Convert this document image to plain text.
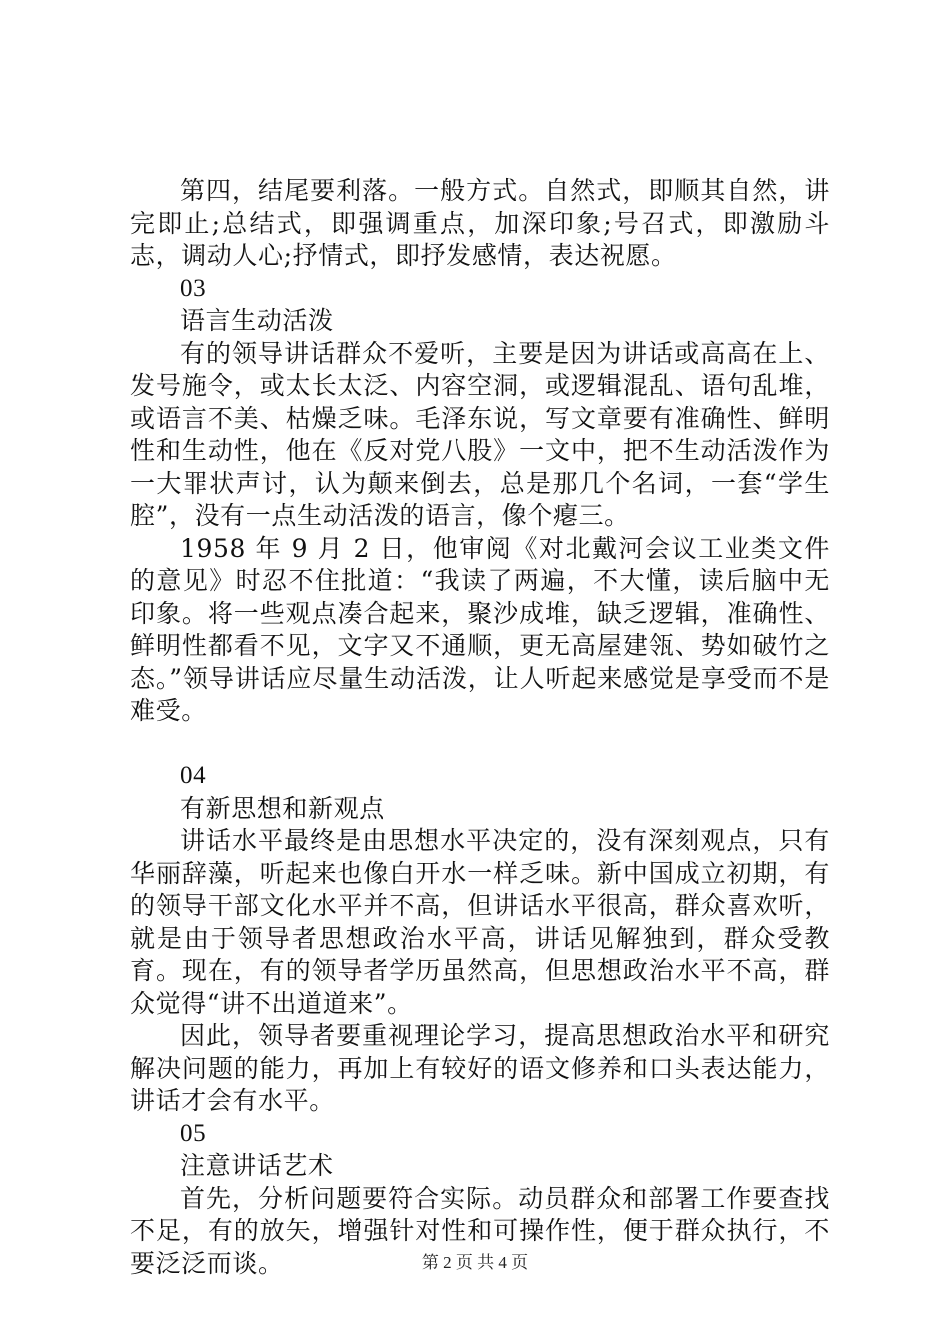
第四，结尾要利落。一般方式。自然式，即顺其自然，讲完即止;总结式，即强调重点，加深印象;号召式，即激励斗志，调动人心;抒情式，即抒发感情，表达祝愿。

03

语言生动活泼

有的领导讲话群众不爱听，主要是因为讲话或高高在上、发号施令，或太长太泛、内容空洞，或逻辑混乱、语句乱堆，或语言不美、枯燥乏味。毛泽东说，写文章要有准确性、鲜明性和生动性，他在《反对党八股》一文中，把不生动活泼作为一大罪状声讨，认为颠来倒去，总是那几个名词，一套“学生腔”，没有一点生动活泼的语言，像个瘪三。

1958 年 9 月 2 日，他审阅《对北戴河会议工业类文件的意见》时忍不住批道：“我读了两遍，不大懂，读后脑中无印象。将一些观点凑合起来，聚沙成堆，缺乏逻辑，准确性、鲜明性都看不见，文字又不通顺，更无高屋建瓴、势如破竹之态。”领导讲话应尽量生动活泼，让人听起来感觉是享受而不是难受。

04

有新思想和新观点

讲话水平最终是由思想水平决定的，没有深刻观点，只有华丽辞藻，听起来也像白开水一样乏味。新中国成立初期，有的领导干部文化水平并不高，但讲话水平很高，群众喜欢听，就是由于领导者思想政治水平高，讲话见解独到，群众受教育。现在，有的领导者学历虽然高，但思想政治水平不高，群众觉得“讲不出道道来”。

因此，领导者要重视理论学习，提高思想政治水平和研究解决问题的能力，再加上有较好的语文修养和口头表达能力，讲话才会有水平。

05

注意讲话艺术

首先，分析问题要符合实际。动员群众和部署工作要查找不足，有的放矢，增强针对性和可操作性，便于群众执行，不要泛泛而谈。	第 2 页 共 4 页
